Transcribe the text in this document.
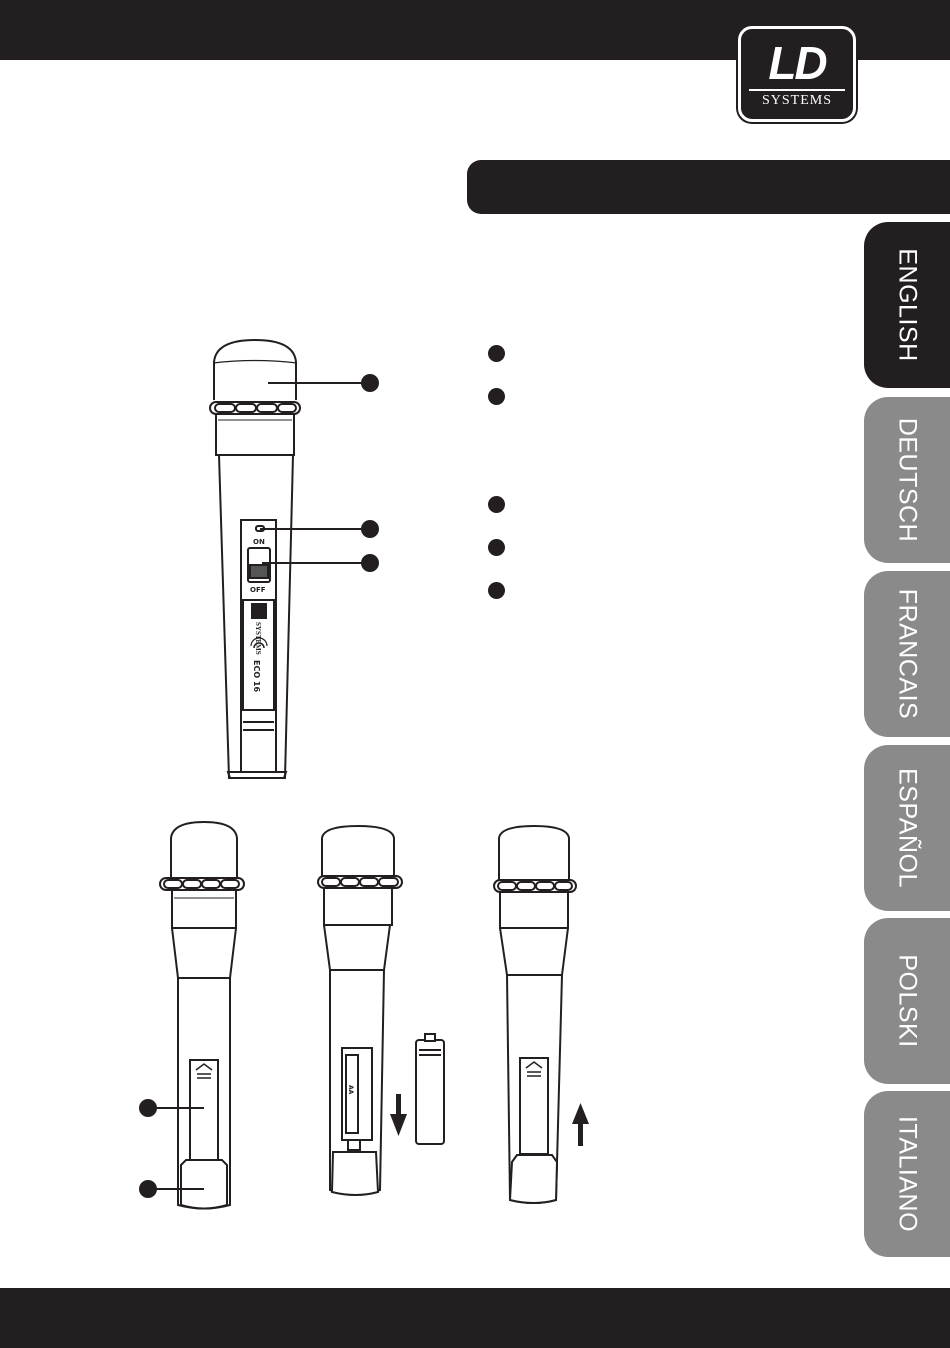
LD
SYSTEMS
ENGLISH
DEUTSCH
FRANCAIS
ESPAÑOL
POLSKI
ITALIANO
ON
OFF
ECO 16
SYSTEMS
AA
